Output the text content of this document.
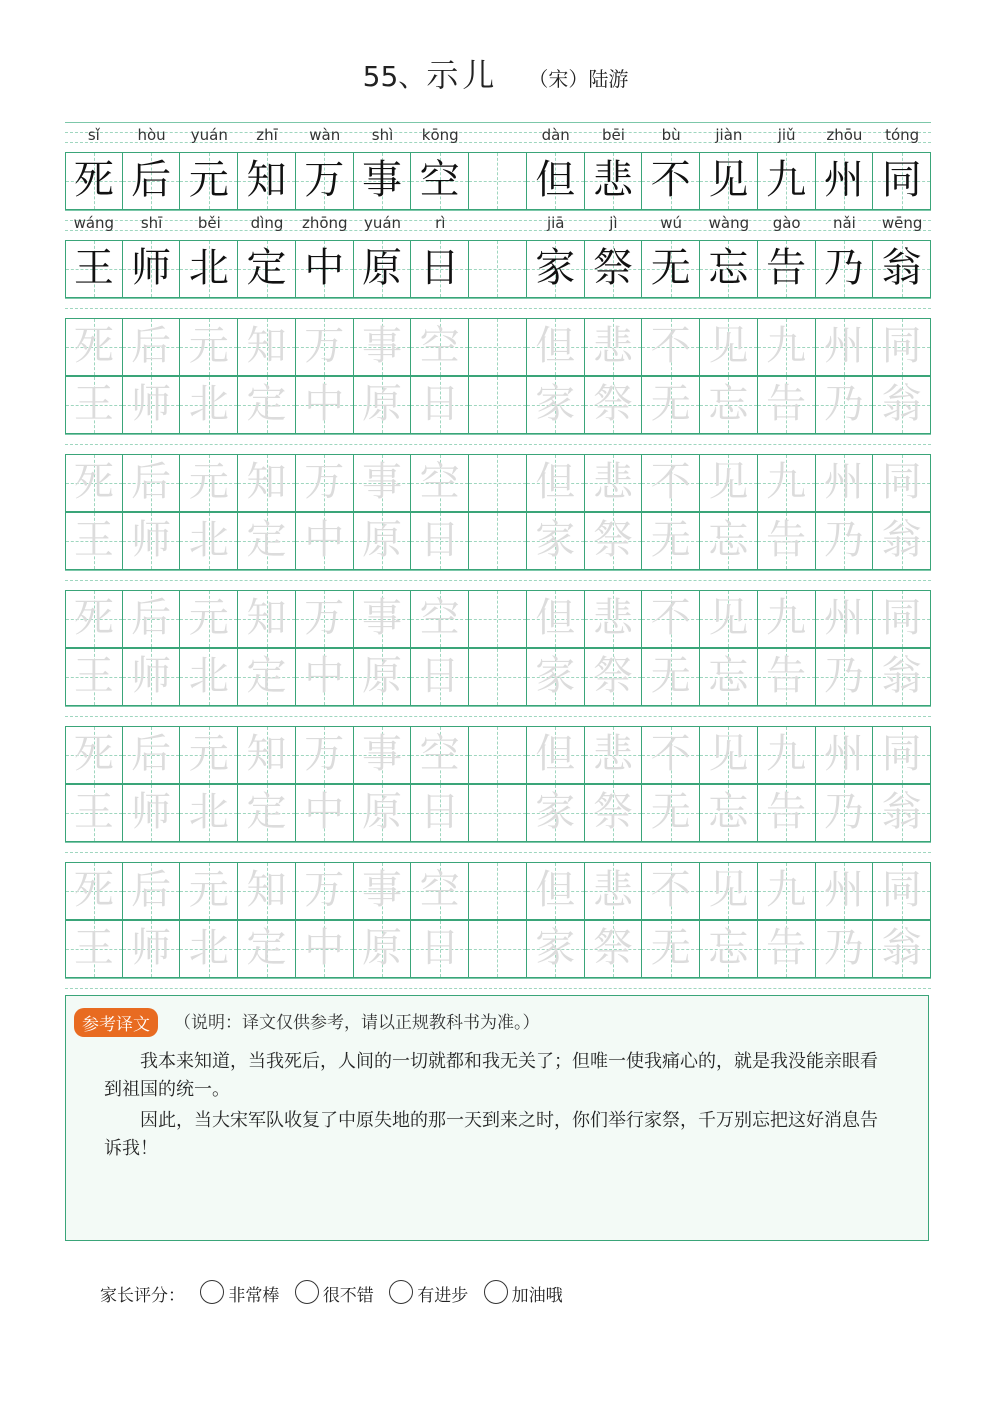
55、示儿 （宋）陆游
sǐ	hòu	yuán	zhī	wàn	shì	kōng	dàn	bēi	bù	jiàn	jiǔ	zhōu	tóng
死 后 元 知 万 事 空 但 悲 不 见 九 州 同
wáng	shī	běi	dìng	zhōng	yuán	rì	jiā	jì	wú	wàng	gào	nǎi	wēng
王 师 北 定 中 原 日 家 祭 无 忘 告 乃 翁
死 后 元 知 万 事 空 但 悲 不 见 九 州 同
王 师 北 定 中 原 日 家 祭 无 忘 告 乃 翁
死 后 元 知 万 事 空 但 悲 不 见 九 州 同
王 师 北 定 中 原 日 家 祭 无 忘 告 乃 翁
死 后 元 知 万 事 空 但 悲 不 见 九 州 同
王 师 北 定 中 原 日 家 祭 无 忘 告 乃 翁
死 后 元 知 万 事 空 但 悲 不 见 九 州 同
王 师 北 定 中 原 日 家 祭 无 忘 告 乃 翁
死 后 元 知 万 事 空 但 悲 不 见 九 州 同
王 师 北 定 中 原 日 家 祭 无 忘 告 乃 翁
参考译文	（说明：译文仅供参考，请以正规教科书为准。）
我本来知道，当我死后，人间的一切就都和我无关了；但唯一使我痛心的，就是我没能亲眼看到祖国的统一。
因此，当大宋军队收复了中原失地的那一天到来之时，你们举行家祭，千万别忘把这好消息告诉我！
家长评分：	非常棒	很不错	有进步	加油哦
